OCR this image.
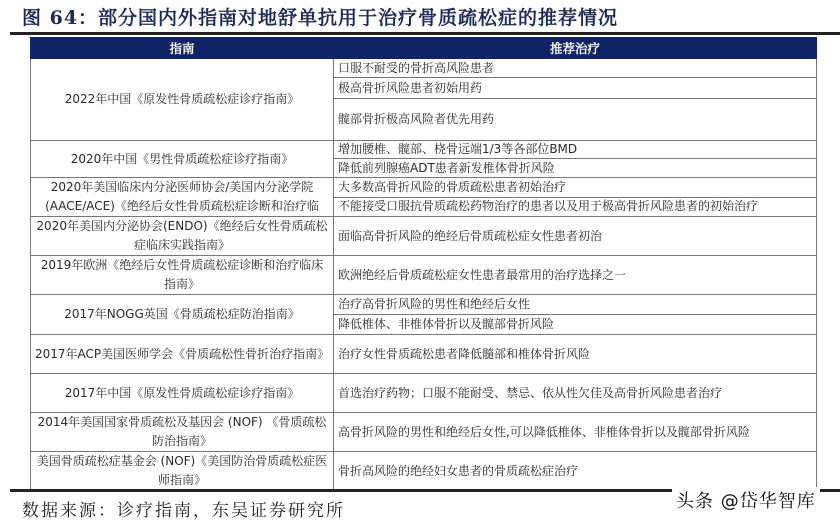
图 64：部分国内外指南对地舒单抗用于治疗骨质疏松症的推荐情况
指南	推荐治疗
2022年中国《原发性骨质疏松症诊疗指南》	口服不耐受的骨折高风险患者
	极高骨折风险患者初始用药
	髋部骨折极高风险者优先用药
2020年中国《男性骨质疏松症诊疗指南》	增加腰椎、髋部、桡骨远端1/3等各部位BMD
	降低前列腺癌ADT患者新发椎体骨折风险
2020年美国临床内分泌医师协会/美国内分泌学院(AACE/ACE)《绝经后女性骨质疏松症诊断和治疗临	大多数高骨折风险的骨质疏松患者初始治疗
	不能接受口服抗骨质疏松药物治疗的患者以及用于极高骨折风险患者的初始治疗
2020年美国内分泌协会(ENDO)《绝经后女性骨质疏松症临床实践指南》	面临高骨折风险的绝经后骨质疏松症女性患者初治
2019年欧洲《绝经后女性骨质疏松症诊断和治疗临床指南》	欧洲绝经后骨质疏松症女性患者最常用的治疗选择之一
2017年NOGG英国《骨质疏松症防治指南》	治疗高骨折风险的男性和绝经后女性
	降低椎体、非椎体骨折以及髋部骨折风险
2017年ACP美国医师学会《骨质疏松性骨折治疗指南》	治疗女性骨质疏松患者降低髓部和椎体骨折风险
2017年中国《原发性骨质疏松症诊疗指南》	首选治疗药物；口服不能耐受、禁忌、依从性欠佳及高骨折风险患者治疗
2014年美国国家骨质疏松及基因会 (NOF) 《骨质疏松防治指南》	高骨折风险的男性和绝经后女性,可以降低椎体、非椎体骨折以及髋部骨折风险
美国骨质疏松症基金会 (NOF)《美国防治骨质疏松症医师指南》	骨折高风险的绝经妇女患者的骨质疏松症治疗
数据来源：诊疗指南，东吴证券研究所	头条 @岱华智库
